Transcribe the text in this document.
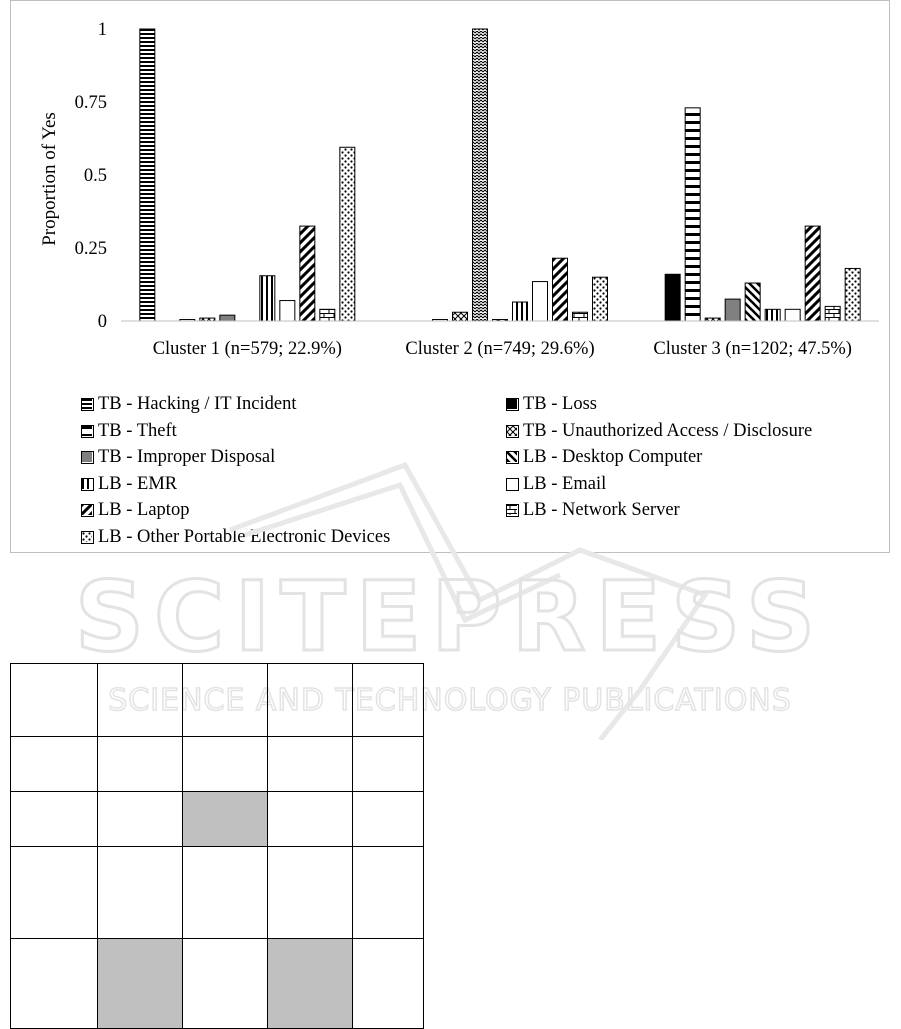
Proportion of Yes
0
0.25
0.5
0.75
1
Cluster 1 (n=579; 22.9%)	Cluster 2 (n=749; 29.6%)	Cluster 3 (n=1202; 47.5%)
TB - Hacking / IT Incident	TB - Loss
TB - Theft	TB - Unauthorized Access / Disclosure
TB - Improper Disposal	LB - Desktop Computer
LB - EMR	LB - Email
LB - Laptop	LB - Network Server
LB - Other Portable Electronic Devices
SCITEPRESS
SCIENCE AND TECHNOLOGY PUBLICATIONS
